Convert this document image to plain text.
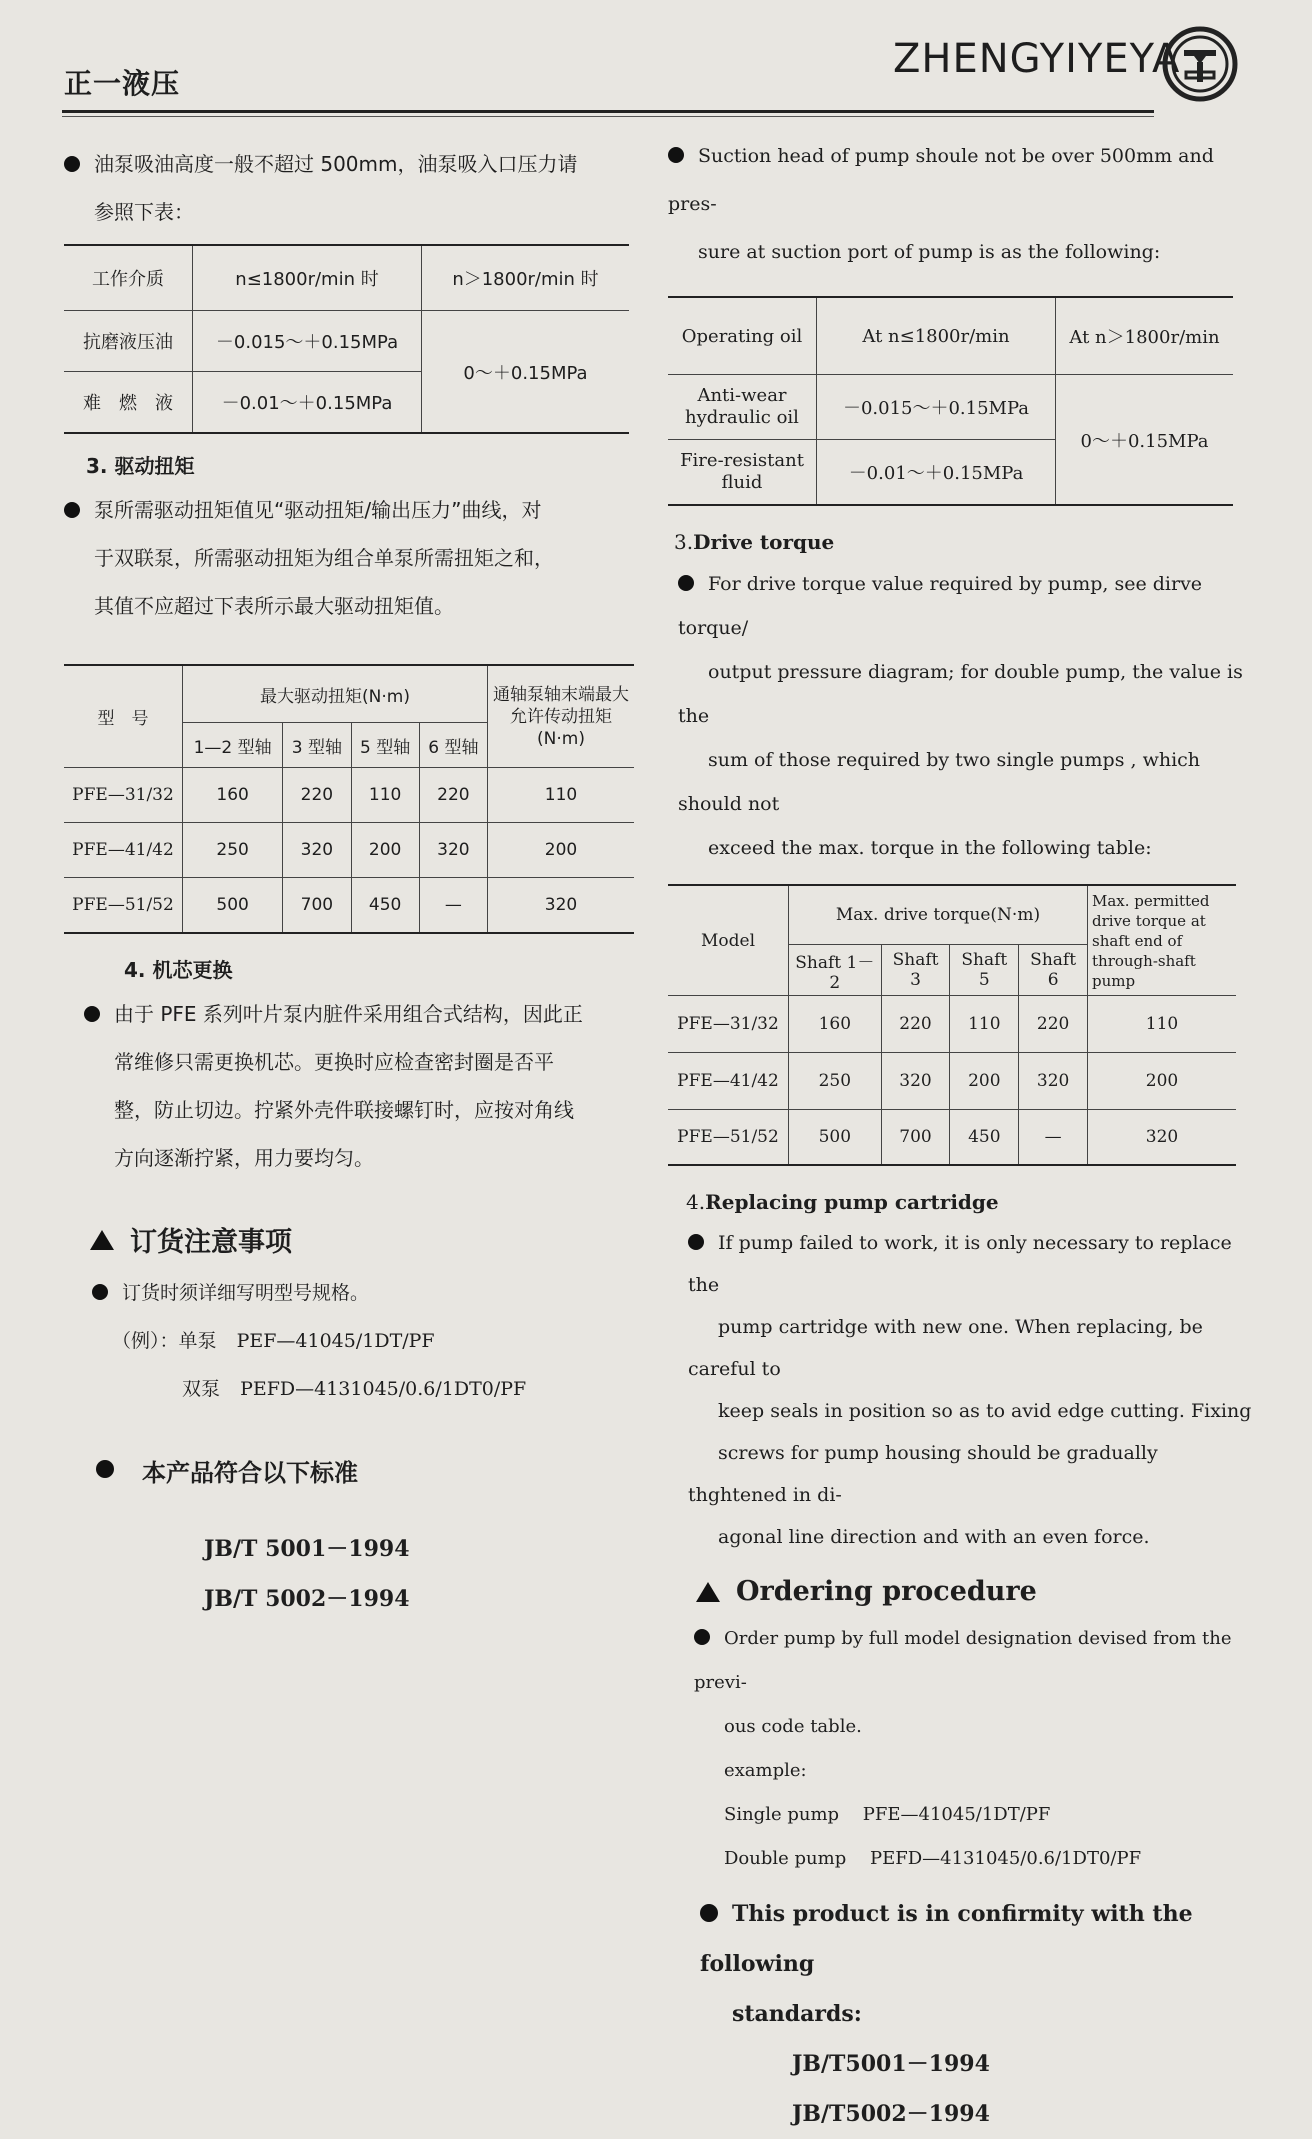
正一液压
ZHENGYIYEYA
油泵吸油高度一般不超过 500mm，油泵吸入口压力请
参照下表：
工作介质	n≤1800r/min 时	n＞1800r/min 时
抗磨液压油	－0.015～＋0.15MPa	0～＋0.15MPa
难　燃　液	－0.01～＋0.15MPa	
3. 驱动扭矩
泵所需驱动扭矩值见“驱动扭矩/输出压力”曲线，对
于双联泵，所需驱动扭矩为组合单泵所需扭矩之和，
其值不应超过下表所示最大驱动扭矩值。
型　号	最大驱动扭矩(N·m)				通轴泵轴末端最大允许传动扭矩(N·m)
	1—2 型轴	3 型轴	5 型轴	6 型轴	
PFE—31/32	160	220	110	220	110
PFE—41/42	250	320	200	320	200
PFE—51/52	500	700	450	—	320
4. 机芯更换
由于 PFE 系列叶片泵内脏件采用组合式结构，因此正
常维修只需更换机芯。更换时应检查密封圈是否平
整，防止切边。拧紧外壳件联接螺钉时，应按对角线
方向逐渐拧紧，用力要均匀。
订货注意事项
订货时须详细写明型号规格。
（例）：单泵 PEF—41045/1DT/PF
双泵 PEFD—4131045/0.6/1DT0/PF
本产品符合以下标准
JB/T 5001－1994
JB/T 5002－1994
Suction head of pump shoule not be over 500mm and pres-
sure at suction port of pump is as the following:
Operating oil	At n≤1800r/min	At n＞1800r/min
Anti-wear hydraulic oil	－0.015～＋0.15MPa	0～＋0.15MPa
Fire-resistant fluid	－0.01～＋0.15MPa	
3.Drive torque
For drive torque value required by pump, see dirve torque/
output pressure diagram; for double pump, the value is the
sum of those required by two single pumps , which should not
exceed the max. torque in the following table:
Model	Max. drive torque(N·m)				Max. permitted drive torque at shaft end of through-shaft pump
	Shaft 1－2	Shaft 3	Shaft 5	Shaft 6	
PFE—31/32	160	220	110	220	110
PFE—41/42	250	320	200	320	200
PFE—51/52	500	700	450	—	320
4.Replacing pump cartridge
If pump failed to work, it is only necessary to replace the
pump cartridge with new one. When replacing, be careful to
keep seals in position so as to avid edge cutting. Fixing
screws for pump housing should be gradually thghtened in di-
agonal line direction and with an even force.
Ordering procedure
Order pump by full model designation devised from the previ-
ous code table.
example:
Single pump PFE—41045/1DT/PF
Double pump PEFD—4131045/0.6/1DT0/PF
This product is in confirmity with the following
standards:
JB/T5001－1994
JB/T5002－1994
